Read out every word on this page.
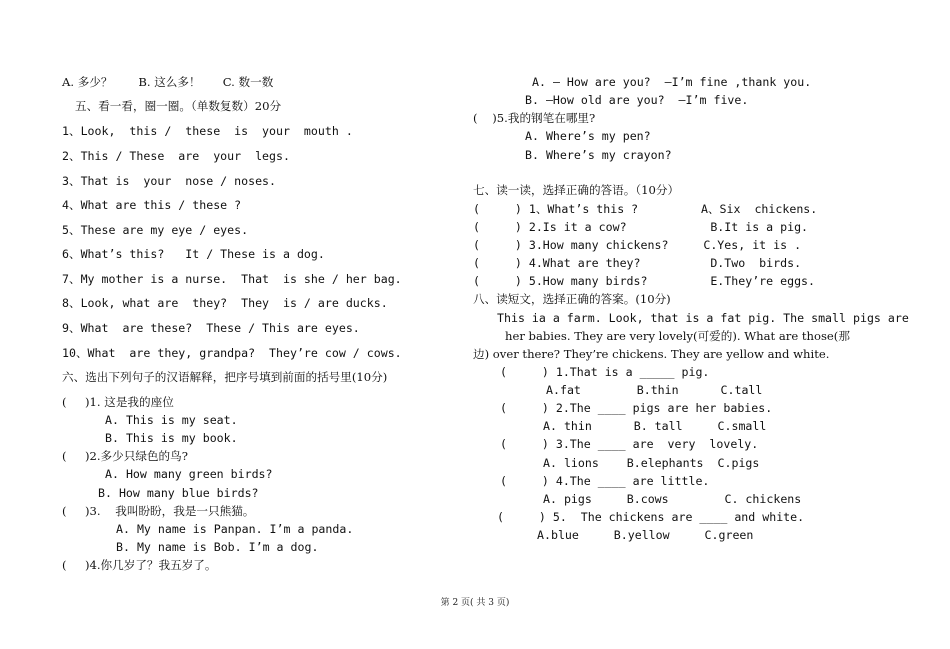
A. 多少？       B. 这么多！      C. 数一数
五、看一看，圈一圈。（单数复数）20分
1、Look,  this /  these  is  your  mouth .
2、This / These  are  your  legs.
3、That is  your  nose / noses.
4、What are this / these ?
5、These are my eye / eyes.
6、What’s this?   It / These is a dog.
7、My mother is a nurse.  That  is she / her bag.
8、Look, what are  they?  They  is / are ducks.
9、What  are these?  These / This are eyes.
10、What  are they, grandpa?  They’re cow / cows.
六、选出下列句子的汉语解释，把序号填到前面的括号里(10分)
(     )1. 这是我的座位
A. This is my seat.
B. This is my book.
(     )2.多少只绿色的鸟?
A. How many green birds?
B. How many blue birds?
(     )3.    我叫盼盼，我是一只熊猫。
A. My name is Panpan. I’m a panda.
B. My name is Bob. I’m a dog.
(     )4.你几岁了？我五岁了。
A. — How are you?  —I’m fine ,thank you.
B. —How old are you?  —I’m five.
(    )5.我的钢笔在哪里?
A. Where’s my pen?
B. Where’s my crayon?
七、读一读，选择正确的答语。（10分）
(     ) 1、What’s this ?         A、Six  chickens.
(     ) 2.Is it a cow?            B.It is a pig.
(     ) 3.How many chickens?     C.Yes, it is .
(     ) 4.What are they?          D.Two  birds.
(     ) 5.How many birds?         E.They’re eggs.
八、读短文，选择正确的答案。(10分)
This ia a farm. Look, that is a fat pig. The small pigs are
her babies. They are very lovely(可爱的). What are those(那
边) over there? They’re chickens. They are yellow and white.
(     ) 1.That is a _____ pig.
A.fat        B.thin      C.tall
(     ) 2.The ____ pigs are her babies.
A. thin      B. tall     C.small
(     ) 3.The ____ are  very  lovely.
A. lions    B.elephants  C.pigs
(     ) 4.The ____ are little.
A. pigs     B.cows        C. chickens
(     ) 5.  The chickens are ____ and white.
A.blue     B.yellow     C.green
第 2 页( 共 3 页)
